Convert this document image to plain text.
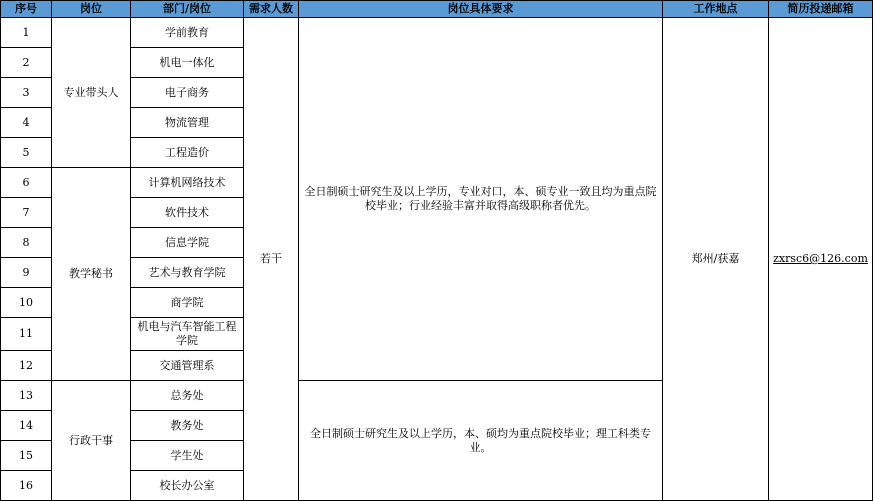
序号	岗位	部门/岗位	需求人数	岗位具体要求	工作地点	简历投递邮箱
1	专业带头人	学前教育	若干	全日制硕士研究生及以上学历，专业对口，本、硕专业一致且均为重点院校毕业；行业经验丰富并取得高级职称者优先。	郑州/获嘉	zxrsc6@126.com
2		机电一体化				
3		电子商务				
4		物流管理				
5		工程造价				
6	教学秘书	计算机网络技术				
7		软件技术				
8		信息学院				
9		艺术与教育学院				
10		商学院				
11		机电与汽车智能工程学院				
12		交通管理系				
13	行政干事	总务处		全日制硕士研究生及以上学历，本、硕均为重点院校毕业；理工科类专业。		
14		教务处				
15		学生处				
16		校长办公室				
